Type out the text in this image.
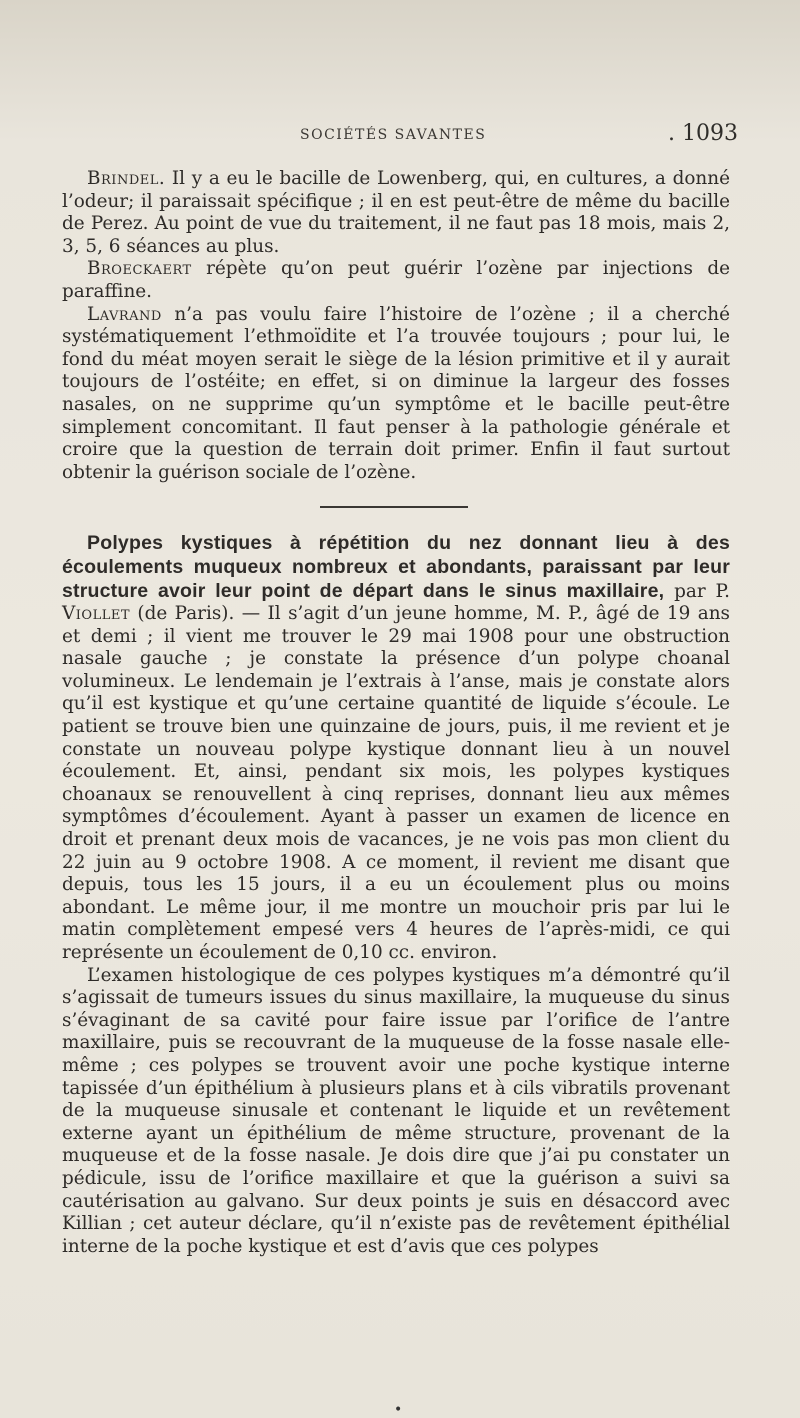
SOCIÉTÉS SAVANTES	. 1093

Brindel. Il y a eu le bacille de Lowenberg, qui, en cultures, a donné l’odeur; il paraissait spécifique ; il en est peut-être de même du bacille de Perez. Au point de vue du traitement, il ne faut pas 18 mois, mais 2, 3, 5, 6 séances au plus.

Broeckaert répète qu’on peut guérir l’ozène par injections de paraffine.

Lavrand n’a pas voulu faire l’histoire de l’ozène ; il a cherché systématiquement l’ethmoïdite et l’a trouvée toujours ; pour lui, le fond du méat moyen serait le siège de la lésion primitive et il y aurait toujours de l’ostéite; en effet, si on diminue la largeur des fosses nasales, on ne supprime qu’un symptôme et le bacille peut-être simplement concomitant. Il faut penser à la pathologie générale et croire que la question de terrain doit primer. Enfin il faut surtout obtenir la guérison sociale de l’ozène.

Polypes kystiques à répétition du nez donnant lieu à des écoulements muqueux nombreux et abondants, paraissant par leur structure avoir leur point de départ dans le sinus maxillaire, par P. Viollet (de Paris). — Il s’agit d’un jeune homme, M. P., âgé de 19 ans et demi ; il vient me trouver le 29 mai 1908 pour une obstruction nasale gauche ; je constate la présence d’un polype choanal volumineux. Le lendemain je l’extrais à l’anse, mais je constate alors qu’il est kystique et qu’une certaine quantité de liquide s’écoule. Le patient se trouve bien une quinzaine de jours, puis, il me revient et je constate un nouveau polype kystique donnant lieu à un nouvel écoulement. Et, ainsi, pendant six mois, les polypes kystiques choanaux se renouvellent à cinq reprises, donnant lieu aux mêmes symptômes d’écoulement. Ayant à passer un examen de licence en droit et prenant deux mois de vacances, je ne vois pas mon client du 22 juin au 9 octobre 1908. A ce moment, il revient me disant que depuis, tous les 15 jours, il a eu un écoulement plus ou moins abondant. Le même jour, il me montre un mouchoir pris par lui le matin complètement empesé vers 4 heures de l’après-midi, ce qui représente un écoulement de 0,10 cc. environ.

L’examen histologique de ces polypes kystiques m’a démontré qu’il s’agissait de tumeurs issues du sinus maxillaire, la muqueuse du sinus s’évaginant de sa cavité pour faire issue par l’orifice de l’antre maxillaire, puis se recouvrant de la muqueuse de la fosse nasale elle-même ; ces polypes se trouvent avoir une poche kystique interne tapissée d’un épithélium à plusieurs plans et à cils vibratils provenant de la muqueuse sinusale et contenant le liquide et un revêtement externe ayant un épithélium de même structure, provenant de la muqueuse et de la fosse nasale. Je dois dire que j’ai pu constater un pédicule, issu de l’orifice maxillaire et que la guérison a suivi sa cautérisation au galvano. Sur deux points je suis en désaccord avec Killian ; cet auteur déclare, qu’il n’existe pas de revêtement épithélial interne de la poche kystique et est d’avis que ces polypes

•
